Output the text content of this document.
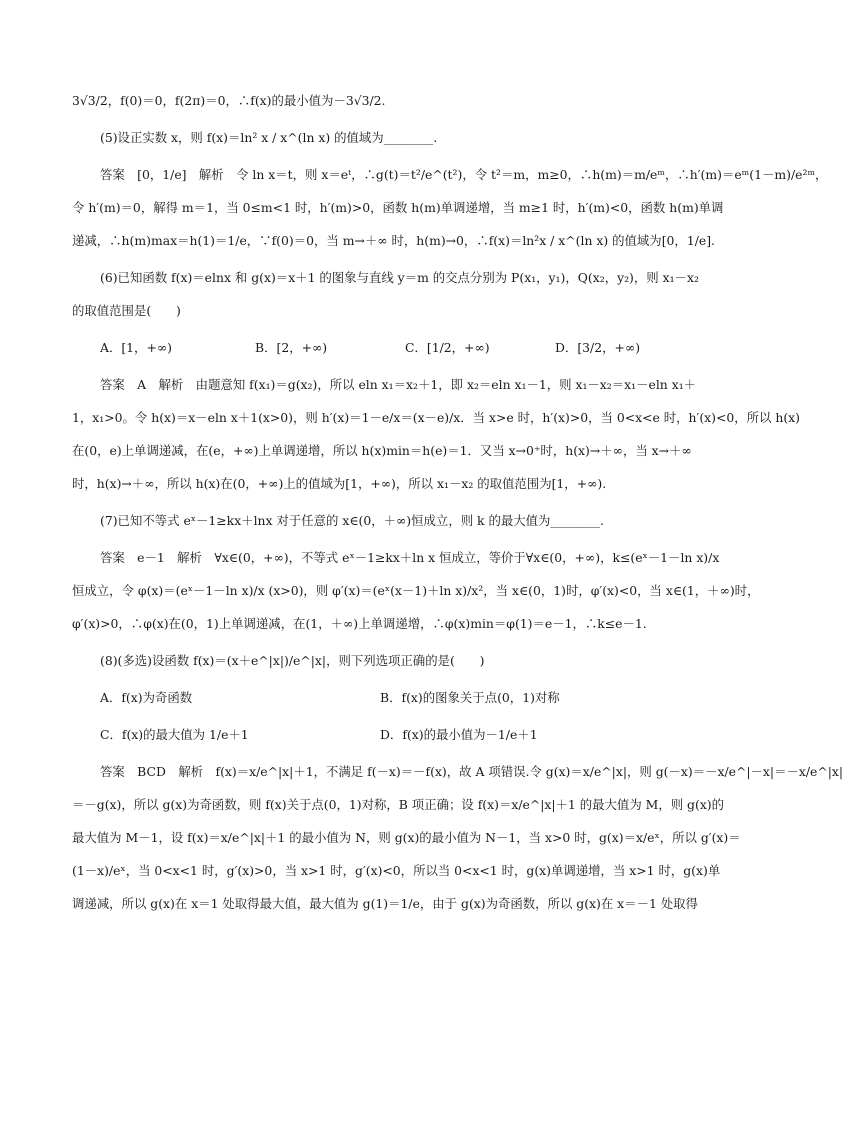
3√3/2，f(0)＝0，f(2π)＝0，∴f(x)的最小值为－3√3/2.
(5)设正实数 x，则 f(x)＝ln² x / x^(ln x) 的值域为________.
答案　[0，1/e]　解析　令 ln x＝t，则 x＝eᵗ，∴g(t)＝t²/e^(t²)，令 t²＝m，m≥0，∴h(m)＝m/eᵐ，∴h′(m)＝eᵐ(1－m)/e²ᵐ，
令 h′(m)＝0，解得 m＝1，当 0≤m<1 时，h′(m)>0，函数 h(m)单调递增，当 m≥1 时，h′(m)<0，函数 h(m)单调
递减，∴h(m)max＝h(1)＝1/e，∵f(0)＝0，当 m→＋∞ 时，h(m)→0，∴f(x)＝ln²x / x^(ln x) 的值域为[0，1/e].
(6)已知函数 f(x)＝elnx 和 g(x)＝x＋1 的图象与直线 y＝m 的交点分别为 P(x₁，y₁)，Q(x₂，y₂)，则 x₁－x₂
的取值范围是(　　)
A．[1，+∞)	B．[2，+∞)	C．[1/2，+∞)	D．[3/2，+∞)
答案　A　解析　由题意知 f(x₁)＝g(x₂)，所以 eln x₁＝x₂＋1，即 x₂＝eln x₁－1，则 x₁－x₂＝x₁－eln x₁＋
1，x₁>0。令 h(x)＝x－eln x＋1(x>0)，则 h′(x)＝1－e/x＝(x－e)/x．当 x>e 时，h′(x)>0，当 0<x<e 时，h′(x)<0，所以 h(x)
在(0，e)上单调递减，在(e，+∞)上单调递增，所以 h(x)min＝h(e)＝1．又当 x→0⁺时，h(x)→＋∞，当 x→＋∞
时，h(x)→＋∞，所以 h(x)在(0，+∞)上的值域为[1，+∞)，所以 x₁－x₂ 的取值范围为[1，+∞).
(7)已知不等式 eˣ－1≥kx＋lnx 对于任意的 x∈(0，＋∞)恒成立，则 k 的最大值为________.
答案　e－1　解析　∀x∈(0，+∞)，不等式 eˣ－1≥kx＋ln x 恒成立，等价于∀x∈(0，+∞)，k≤(eˣ－1－ln x)/x
恒成立，令 φ(x)＝(eˣ－1－ln x)/x (x>0)，则 φ′(x)＝(eˣ(x－1)＋ln x)/x²，当 x∈(0，1)时，φ′(x)<0，当 x∈(1，＋∞)时，
φ′(x)>0，∴φ(x)在(0，1)上单调递减，在(1，＋∞)上单调递增，∴φ(x)min＝φ(1)＝e－1，∴k≤e－1.
(8)(多选)设函数 f(x)＝(x＋e^|x|)/e^|x|，则下列选项正确的是(　　)
A．f(x)为奇函数	B．f(x)的图象关于点(0，1)对称
C．f(x)的最大值为 1/e＋1	D．f(x)的最小值为－1/e＋1
答案　BCD　解析　f(x)＝x/e^|x|＋1，不满足 f(－x)＝－f(x)，故 A 项错误.令 g(x)＝x/e^|x|，则 g(－x)＝－x/e^|－x|＝－x/e^|x|
＝－g(x)，所以 g(x)为奇函数，则 f(x)关于点(0，1)对称，B 项正确；设 f(x)＝x/e^|x|＋1 的最大值为 M，则 g(x)的
最大值为 M－1，设 f(x)＝x/e^|x|＋1 的最小值为 N，则 g(x)的最小值为 N－1，当 x>0 时，g(x)＝x/eˣ，所以 g′(x)＝
(1－x)/eˣ，当 0<x<1 时，g′(x)>0，当 x>1 时，g′(x)<0，所以当 0<x<1 时，g(x)单调递增，当 x>1 时，g(x)单
调递减，所以 g(x)在 x＝1 处取得最大值，最大值为 g(1)＝1/e，由于 g(x)为奇函数，所以 g(x)在 x＝－1 处取得
